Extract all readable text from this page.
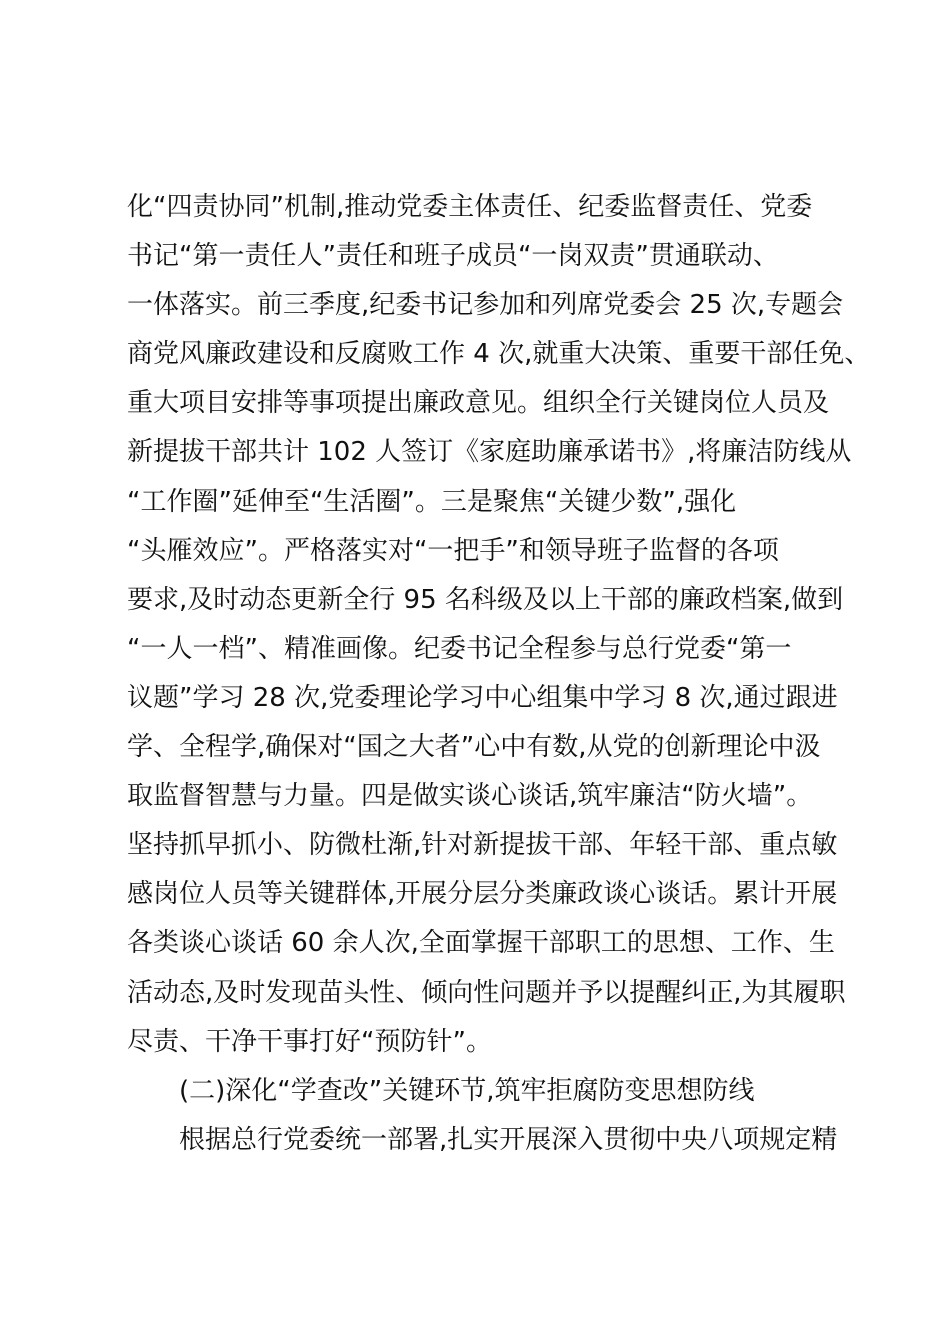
化“四责协同”机制,推动党委主体责任、纪委监督责任、党委
书记“第一责任人”责任和班子成员“一岗双责”贯通联动、
一体落实。前三季度,纪委书记参加和列席党委会 25 次,专题会
商党风廉政建设和反腐败工作 4 次,就重大决策、重要干部任免、
重大项目安排等事项提出廉政意见。组织全行关键岗位人员及
新提拔干部共计 102 人签订《家庭助廉承诺书》,将廉洁防线从
“工作圈”延伸至“生活圈”。三是聚焦“关键少数”,强化
“头雁效应”。严格落实对“一把手”和领导班子监督的各项
要求,及时动态更新全行 95 名科级及以上干部的廉政档案,做到
“一人一档”、精准画像。纪委书记全程参与总行党委“第一
议题”学习 28 次,党委理论学习中心组集中学习 8 次,通过跟进
学、全程学,确保对“国之大者”心中有数,从党的创新理论中汲
取监督智慧与力量。四是做实谈心谈话,筑牢廉洁“防火墙”。
坚持抓早抓小、防微杜渐,针对新提拔干部、年轻干部、重点敏
感岗位人员等关键群体,开展分层分类廉政谈心谈话。累计开展
各类谈心谈话 60 余人次,全面掌握干部职工的思想、工作、生
活动态,及时发现苗头性、倾向性问题并予以提醒纠正,为其履职
尽责、干净干事打好“预防针”。
(二)深化“学查改”关键环节,筑牢拒腐防变思想防线
根据总行党委统一部署,扎实开展深入贯彻中央八项规定精
